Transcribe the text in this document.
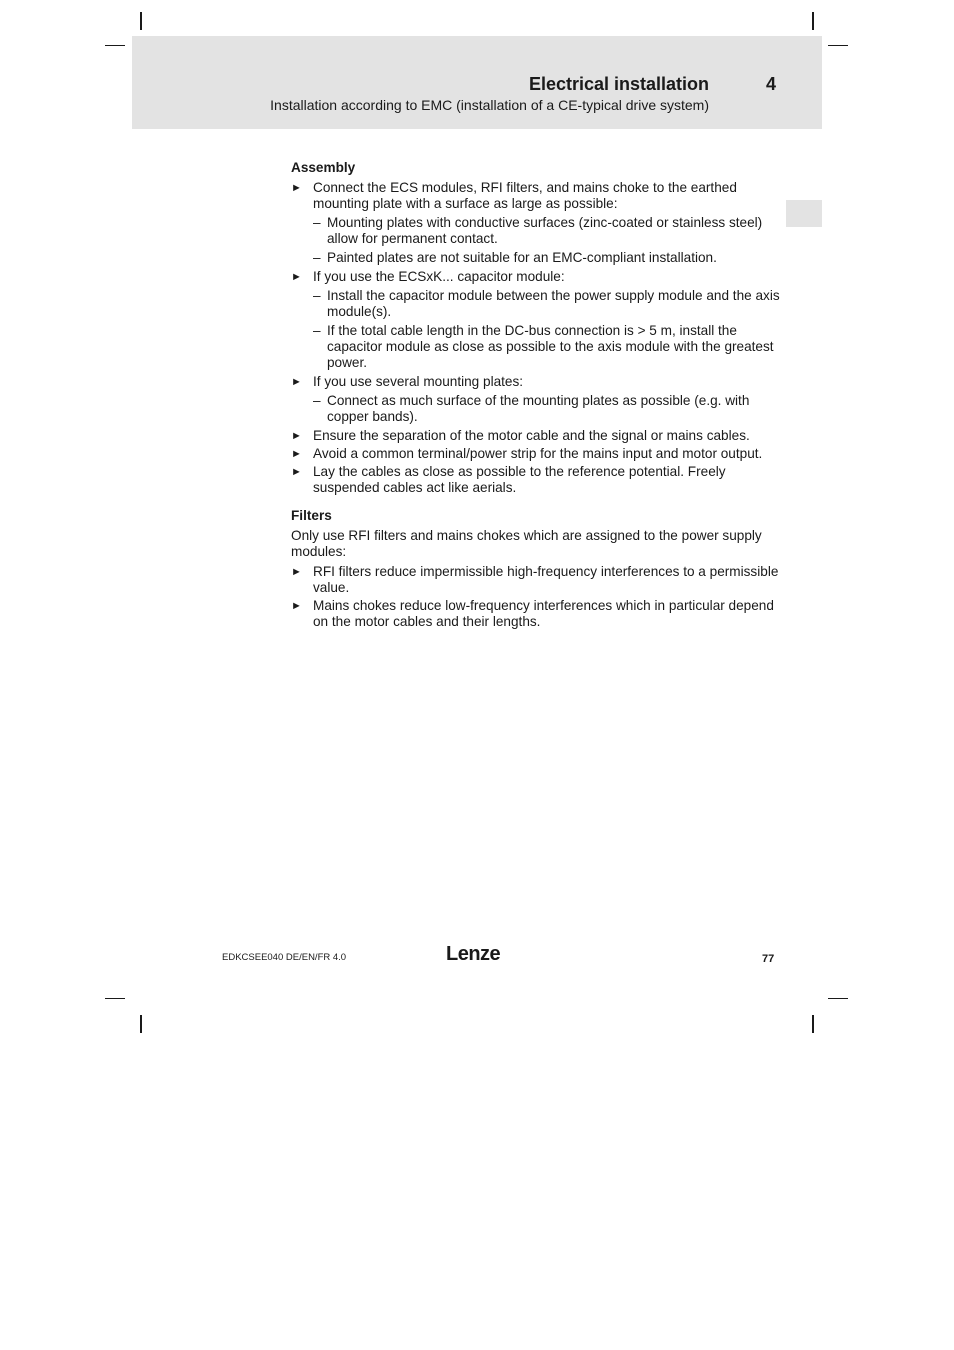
Electrical installation	4
Installation according to EMC (installation of a CE-typical drive system)
Assembly
► Connect the ECS modules, RFI filters, and mains choke to the earthed mounting plate with a surface as large as possible:
– Mounting plates with conductive surfaces (zinc-coated or stainless steel) allow for permanent contact.
– Painted plates are not suitable for an EMC-compliant installation.
► If you use the ECSxK... capacitor module:
– Install the capacitor module between the power supply module and the axis module(s).
– If the total cable length in the DC-bus connection is > 5 m, install the capacitor module as close as possible to the axis module with the greatest power.
► If you use several mounting plates:
– Connect as much surface of the mounting plates as possible (e.g. with copper bands).
► Ensure the separation of the motor cable and the signal or mains cables.
► Avoid a common terminal/power strip for the mains input and motor output.
► Lay the cables as close as possible to the reference potential. Freely suspended cables act like aerials.
Filters
Only use RFI filters and mains chokes which are assigned to the power supply modules:
► RFI filters reduce impermissible high-frequency interferences to a permissible value.
► Mains chokes reduce low-frequency interferences which in particular depend on the motor cables and their lengths.
EDKCSEE040 DE/EN/FR 4.0	Lenze	77
